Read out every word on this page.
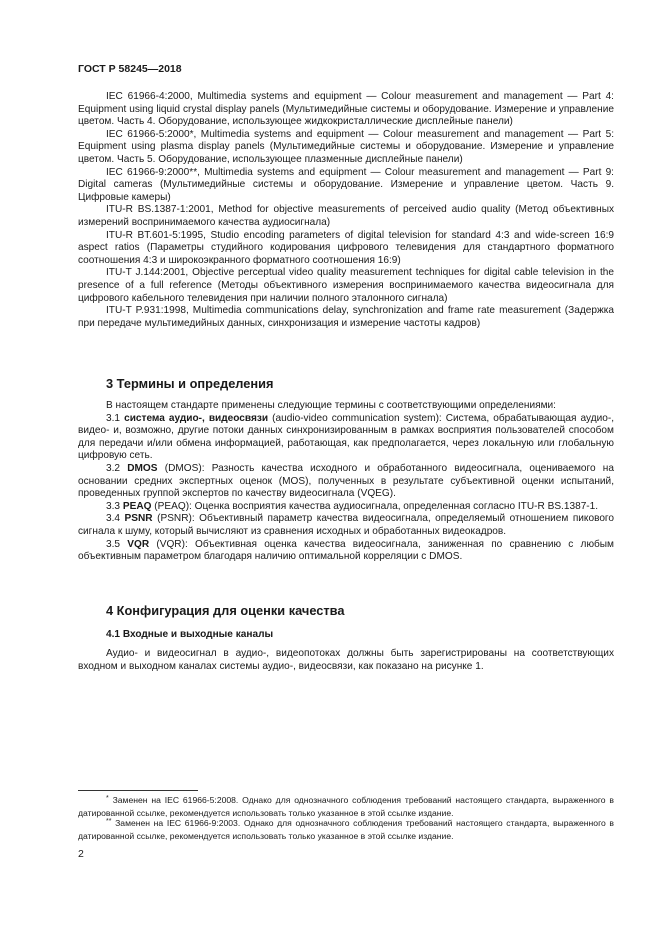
ГОСТ Р 58245—2018

IEC 61966-4:2000, Multimedia systems and equipment — Colour measurement and management — Part 4: Equipment using liquid crystal display panels (Мультимедийные системы и оборудование. Измерение и управление цветом. Часть 4. Оборудование, использующее жидкокристаллические дисплейные панели)

IEC 61966-5:2000*, Multimedia systems and equipment — Colour measurement and management — Part 5: Equipment using plasma display panels (Мультимедийные системы и оборудование. Измерение и управление цветом. Часть 5. Оборудование, использующее плазменные дисплейные панели)

IEC 61966-9:2000**, Multimedia systems and equipment — Colour measurement and management — Part 9: Digital cameras (Мультимедийные системы и оборудование. Измерение и управление цветом. Часть 9. Цифровые камеры)

ITU-R BS.1387-1:2001, Method for objective measurements of perceived audio quality (Метод объективных измерений воспринимаемого качества аудиосигнала)

ITU-R BT.601-5:1995, Studio encoding parameters of digital television for standard 4:3 and wide-screen 16:9 aspect ratios (Параметры студийного кодирования цифрового телевидения для стандартного форматного соотношения 4:3 и широкоэкранного форматного соотношения 16:9)

ITU-T J.144:2001, Objective perceptual video quality measurement techniques for digital cable television in the presence of a full reference (Методы объективного измерения воспринимаемого качества видеосигнала для цифрового кабельного телевидения при наличии полного эталонного сигнала)

ITU-T P.931:1998, Multimedia communications delay, synchronization and frame rate measurement (Задержка при передаче мультимедийных данных, синхронизация и измерение частоты кадров)

3 Термины и определения

В настоящем стандарте применены следующие термины с соответствующими определениями:

3.1 система аудио-, видеосвязи (audio-video communication system): Система, обрабатывающая аудио-, видео- и, возможно, другие потоки данных синхронизированным в рамках восприятия пользователей способом для передачи и/или обмена информацией, работающая, как предполагается, через локальную или глобальную цифровую сеть.

3.2 DMOS (DMOS): Разность качества исходного и обработанного видеосигнала, оцениваемого на основании средних экспертных оценок (MOS), полученных в результате субъективной оценки испытаний, проведенных группой экспертов по качеству видеосигнала (VQEG).

3.3 PEAQ (PEAQ): Оценка восприятия качества аудиосигнала, определенная согласно ITU-R BS.1387-1.

3.4 PSNR (PSNR): Объективный параметр качества видеосигнала, определяемый отношением пикового сигнала к шуму, который вычисляют из сравнения исходных и обработанных видеокадров.

3.5 VQR (VQR): Объективная оценка качества видеосигнала, заниженная по сравнению с любым объективным параметром благодаря наличию оптимальной корреляции с DMOS.

4 Конфигурация для оценки качества
4.1 Входные и выходные каналы

Аудио- и видеосигнал в аудио-, видеопотоках должны быть зарегистрированы на соответствующих входном и выходном каналах системы аудио-, видеосвязи, как показано на рисунке 1.

* Заменен на IEC 61966-5:2008. Однако для однозначного соблюдения требований настоящего стандарта, выраженного в датированной ссылке, рекомендуется использовать только указанное в этой ссылке издание.

** Заменен на IEC 61966-9:2003. Однако для однозначного соблюдения требований настоящего стандарта, выраженного в датированной ссылке, рекомендуется использовать только указанное в этой ссылке издание.

2
